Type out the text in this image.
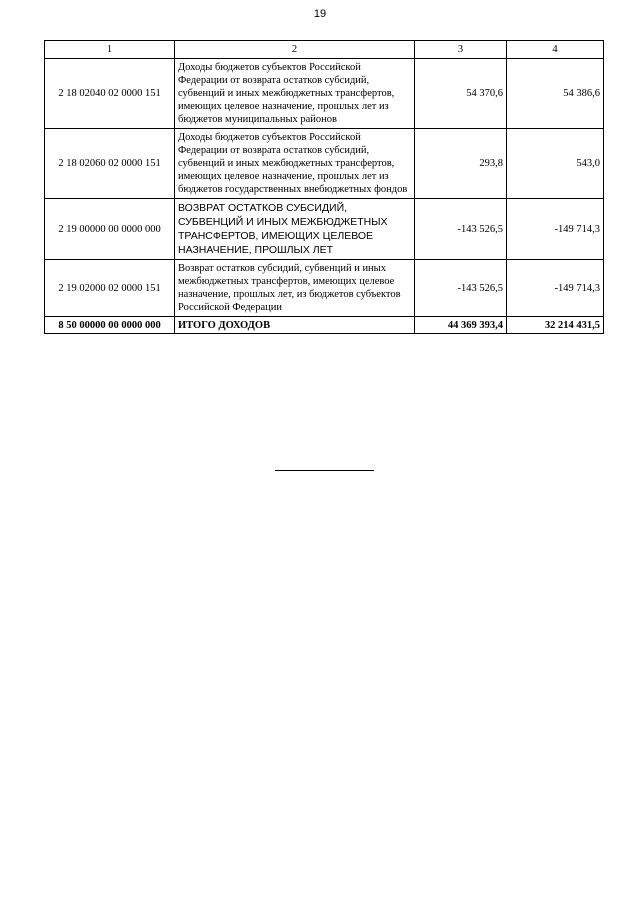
19
1	2	3	4
2 18 02040 02 0000 151	Доходы бюджетов субъектов Российской Федерации от возврата остатков субсидий, субвенций и иных межбюджетных трансфертов, имеющих целевое назначение, прошлых лет из бюджетов муниципальных районов	54 370,6	54 386,6
2 18 02060 02 0000 151	Доходы бюджетов субъектов Российской Федерации от возврата остатков субсидий, субвенций и иных межбюджетных трансфертов, имеющих целевое назначение, прошлых лет из бюджетов государственных внебюджетных фондов	293,8	543,0
2 19 00000 00 0000 000	ВОЗВРАТ ОСТАТКОВ СУБСИДИЙ, СУБВЕНЦИЙ И ИНЫХ МЕЖБЮДЖЕТНЫХ ТРАНСФЕРТОВ, ИМЕЮЩИХ ЦЕЛЕВОЕ НАЗНАЧЕНИЕ, ПРОШЛЫХ ЛЕТ	-143 526,5	-149 714,3
2 19 02000 02 0000 151	Возврат остатков субсидий, субвенций и иных межбюджетных трансфертов, имеющих целевое назначение, прошлых лет, из бюджетов субъектов Российской Федерации	-143 526,5	-149 714,3
8 50 00000 00 0000 000	ИТОГО ДОХОДОВ	44 369 393,4	32 214 431,5
